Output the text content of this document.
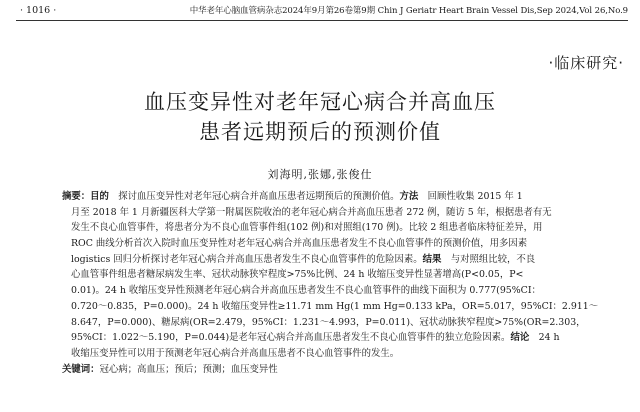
· 1016 ·	中华老年心脑血管病杂志2024年9月第26卷第9期 Chin J Geriatr Heart Brain Vessel Dis,Sep 2024,Vol 26,No.9
·临床研究·
血压变异性对老年冠心病合并高血压
患者远期预后的预测价值
刘海明,张娜,张俊仕
摘要：目的　探讨血压变异性对老年冠心病合并高血压患者远期预后的预测价值。方法　回顾性收集 2015 年 1
月至 2018 年 1 月新疆医科大学第一附属医院收治的老年冠心病合并高血压患者 272 例，随访 5 年，根据患者有无
发生不良心血管事件，将患者分为不良心血管事件组(102 例)和对照组(170 例)。比较 2 组患者临床特征差异，用
ROC 曲线分析首次入院时血压变异性对老年冠心病合并高血压患者发生不良心血管事件的预测价值，用多因素
logistics 回归分析探讨老年冠心病合并高血压患者发生不良心血管事件的危险因素。结果　与对照组比较，不良
心血管事件组患者糖尿病发生率、冠状动脉狭窄程度>75%比例、24 h 收缩压变异性显著增高(P<0.05，P<
0.01)。24 h 收缩压变异性预测老年冠心病合并高血压患者发生不良心血管事件的曲线下面积为 0.777(95%CI：
0.720～0.835，P=0.000)。24 h 收缩压变异性≥11.71 mm Hg(1 mm Hg=0.133 kPa，OR=5.017，95%CI：2.911～
8.647，P=0.000)、糖尿病(OR=2.479，95%CI：1.231～4.993，P=0.011)、冠状动脉狭窄程度>75%(OR=2.303，
95%CI：1.022～5.190，P=0.044)是老年冠心病合并高血压患者发生不良心血管事件的独立危险因素。结论　24 h
收缩压变异性可以用于预测老年冠心病合并高血压患者不良心血管事件的发生。
关键词：冠心病；高血压；预后；预测；血压变异性
